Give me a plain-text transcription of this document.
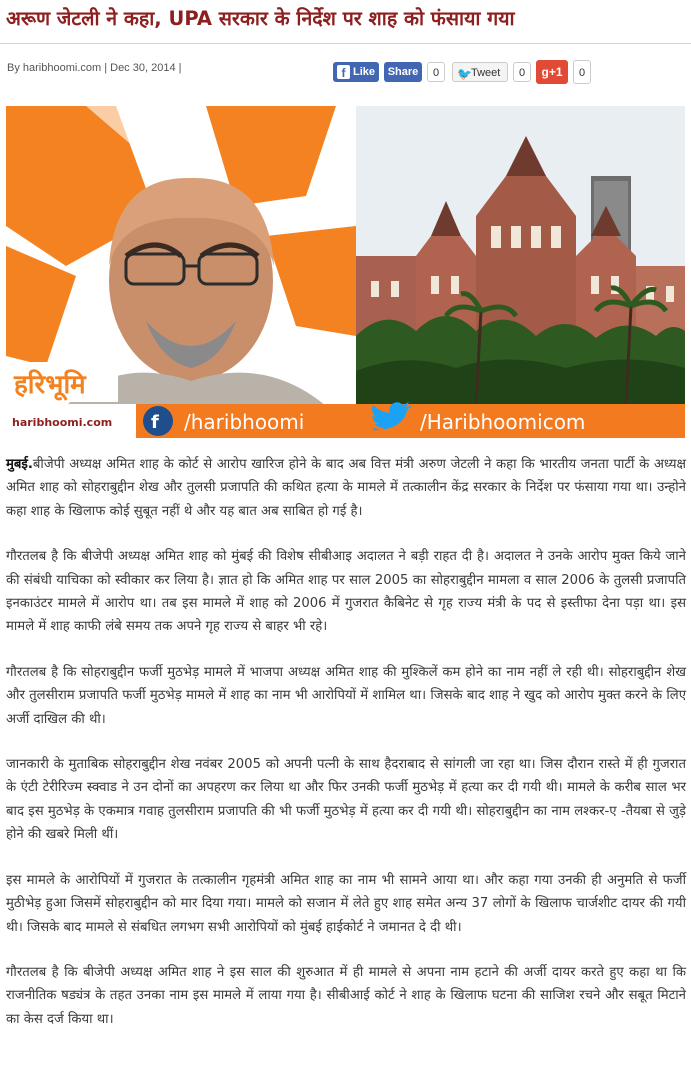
अरूण जेटली ने कहा, UPA सरकार के निर्देश पर शाह को फंसाया गया
By haribhoomi.com | Dec 30, 2014 |	f Like	Share	0	🐦 Tweet	0	g+1	0
हरिभूमि
haribhoomi.com f /haribhoomi	/Haribhoomicom

मुबई.बीजेपी अध्यक्ष अमित शाह के कोर्ट से आरोप खारिज होने के बाद अब वित्त मंत्री अरुण जेटली ने कहा कि भारतीय जनता पार्टी के अध्यक्ष अमित शाह को सोहराबुद्दीन शेख और तुलसी प्रजापति की कथित हत्या के मामले में तत्कालीन केंद्र सरकार के निर्देश पर फंसाया गया था। उन्होने कहा शाह के खिलाफ कोई सुबूत नहीं थे और यह बात अब साबित हो गई है।

गौरतलब है कि बीजेपी अध्यक्ष अमित शाह को मुंबई की विशेष सीबीआइ अदालत ने बड़ी राहत दी है। अदालत ने उनके आरोप मुक्त किये जाने की संबंधी याचिका को स्वीकार कर लिया है। ज्ञात हो कि अमित शाह पर साल 2005 का सोहराबुद्दीन मामला व साल 2006 के तुलसी प्रजापति इनकाउंटर मामले में आरोप था। तब इस मामले में शाह को 2006 में गुजरात कैबिनेट से गृह राज्य मंत्री के पद से इस्तीफा देना पड़ा था। इस मामले में शाह काफी लंबे समय तक अपने गृह राज्य से बाहर भी रहे।

गौरतलब है कि सोहराबुद्दीन फर्जी मुठभेड़ मामले में भाजपा अध्यक्ष अमित शाह की मुश्किलें कम होने का नाम नहीं ले रही थी। सोहराबुद्दीन शेख और तुलसीराम प्रजापति फर्जी मुठभेड़ मामले में शाह का नाम भी आरोपियों में शामिल था। जिसके बाद शाह ने खुद को आरोप मुक्त करने के लिए अर्जी दाखिल की थी।

जानकारी के मुताबिक सोहराबुद्दीन शेख नवंबर 2005 को अपनी पत्नी के साथ हैदराबाद से सांगली जा रहा था। जिस दौरान रास्ते में ही गुजरात के एंटी टेरीरिज्म स्क्वाड ने उन दोनों का अपहरण कर लिया था और फिर उनकी फर्जी मुठभेड़ में हत्या कर दी गयी थी। मामले के करीब साल भर बाद इस मुठभेड़ के एकमात्र गवाह तुलसीराम प्रजापति की भी फर्जी मुठभेड़ में हत्या कर दी गयी थी। सोहराबुद्दीन का नाम लश्कर-ए -तैयबा से जुड़े होने की खबरे मिली थीं।

इस मामले के आरोपियों में गुजरात के तत्कालीन गृहमंत्री अमित शाह का नाम भी सामने आया था। और कहा गया उनकी ही अनुमति से फर्जी मुठीभेड़ हुआ जिसमें सोहराबुद्दीन को मार दिया गया। मामले को सजान में लेते हुए शाह समेत अन्य 37 लोगों के खिलाफ चार्जशीट दायर की गयी थी। जिसके बाद मामले से संबधित लगभग सभी आरोपियों को मुंबई हाईकोर्ट ने जमानत दे दी थी।

गौरतलब है कि बीजेपी अध्यक्ष अमित शाह ने इस साल की शुरुआत में ही मामले से अपना नाम हटाने की अर्जी दायर करते हुए कहा था कि राजनीतिक षड्यंत्र के तहत उनका नाम इस मामले में लाया गया है। सीबीआई कोर्ट ने शाह के खिलाफ घटना की साजिश रचने और सबूत मिटाने का केस दर्ज किया था।
